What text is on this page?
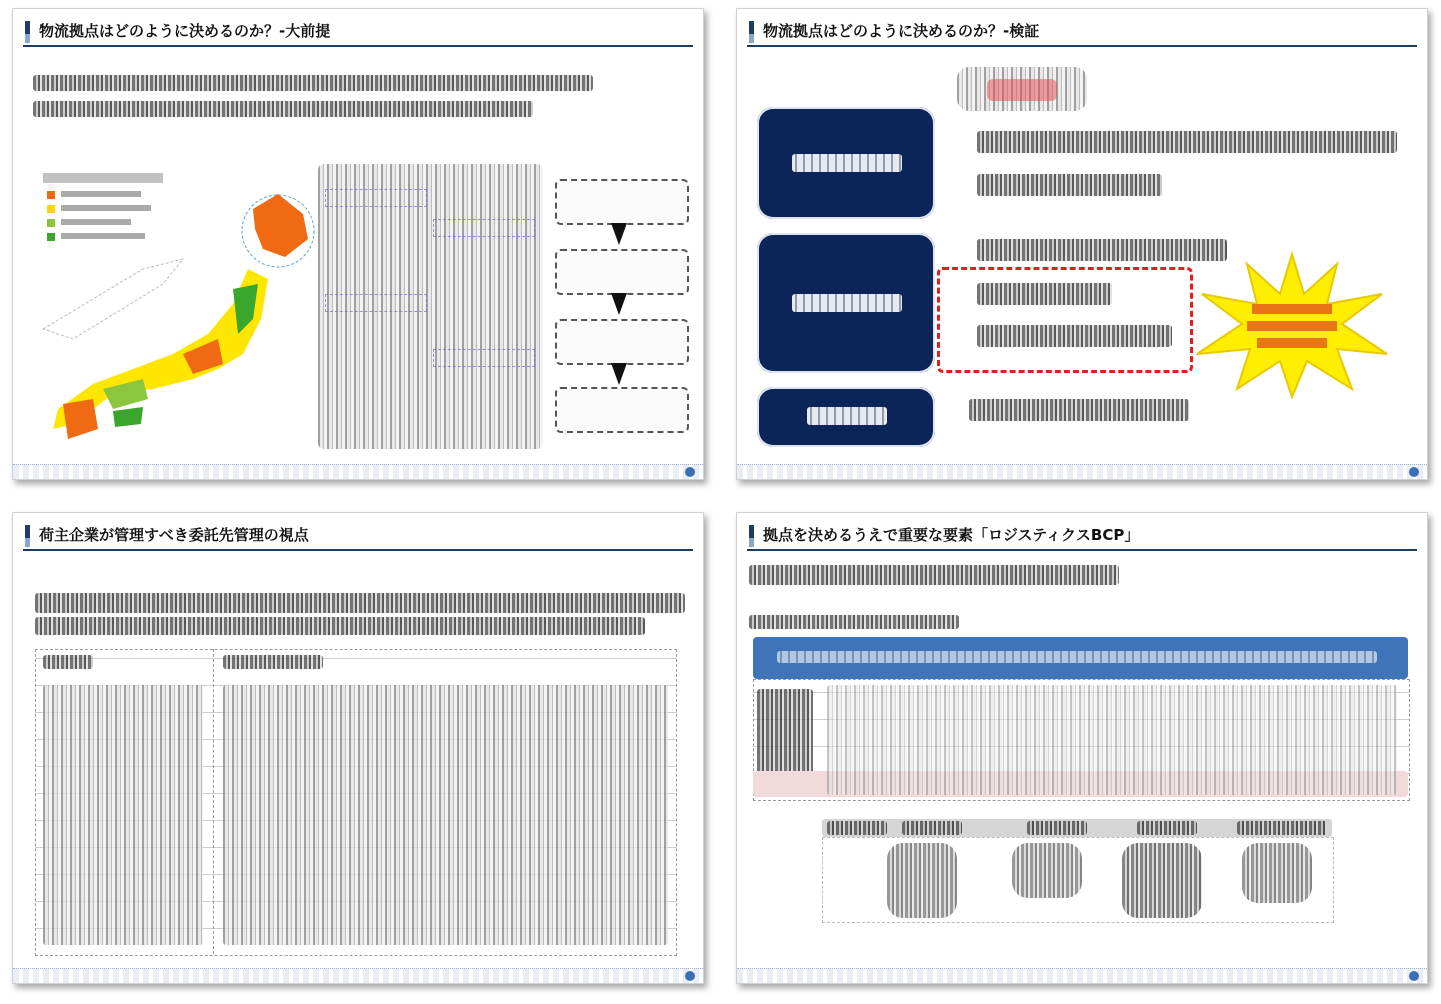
物流拠点はどのように決めるのか？-大前提	物流拠点はどのように決めるのか？-検証
荷主企業が管理すべき委託先管理の視点	拠点を決めるうえで重要な要素「ロジスティクスBCP」
